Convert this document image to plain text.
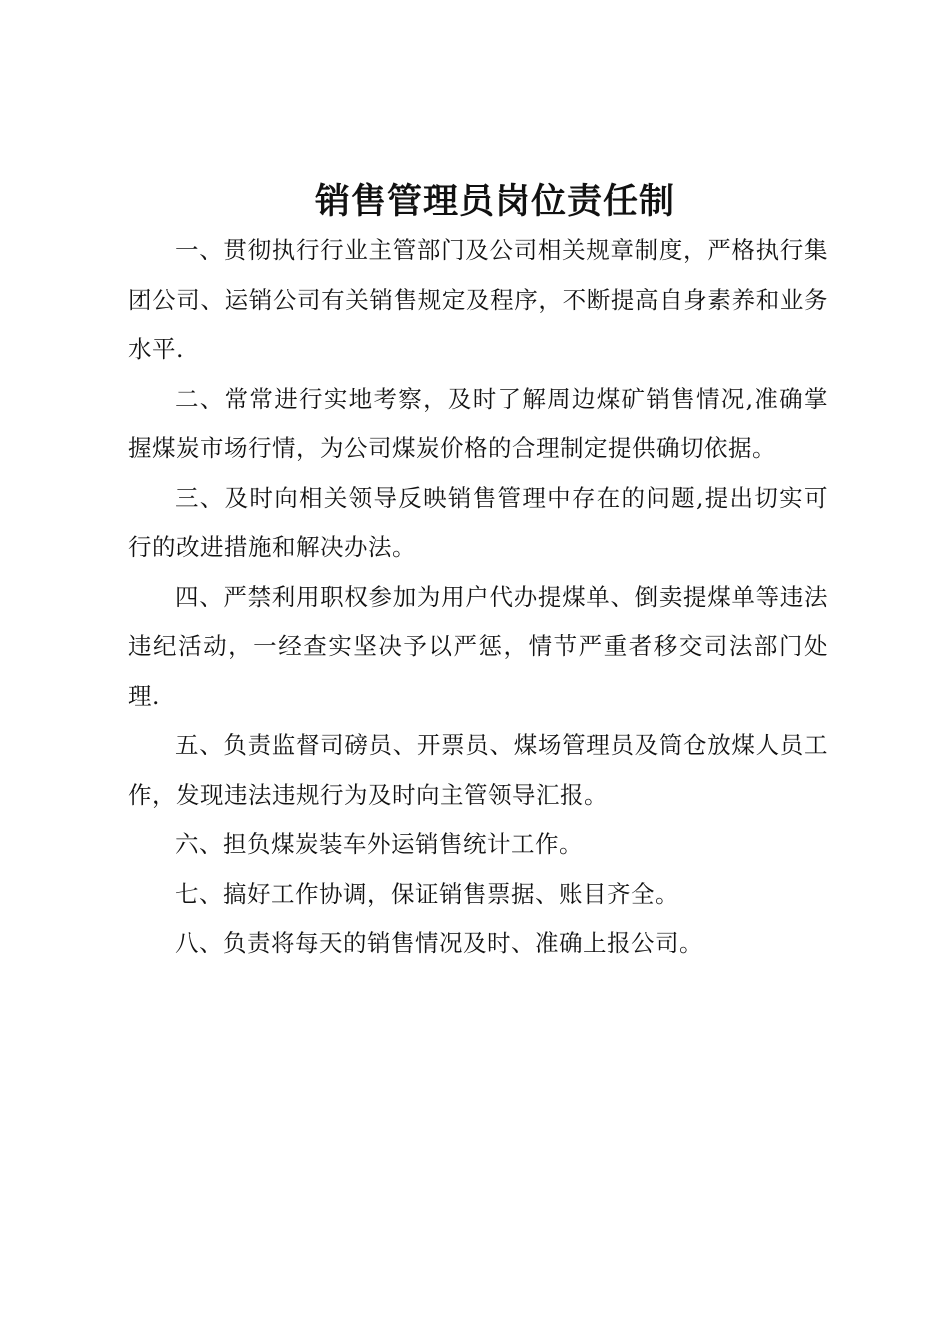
销售管理员岗位责任制

一、贯彻执行行业主管部门及公司相关规章制度，严格执行集团公司、运销公司有关销售规定及程序，不断提高自身素养和业务水平.

二、常常进行实地考察，及时了解周边煤矿销售情况,准确掌握煤炭市场行情，为公司煤炭价格的合理制定提供确切依据。

三、及时向相关领导反映销售管理中存在的问题,提出切实可行的改进措施和解决办法。

四、严禁利用职权参加为用户代办提煤单、倒卖提煤单等违法违纪活动，一经查实坚决予以严惩，情节严重者移交司法部门处理.

五、负责监督司磅员、开票员、煤场管理员及筒仓放煤人员工作，发现违法违规行为及时向主管领导汇报。

六、担负煤炭装车外运销售统计工作。

七、搞好工作协调，保证销售票据、账目齐全。

八、负责将每天的销售情况及时、准确上报公司。
